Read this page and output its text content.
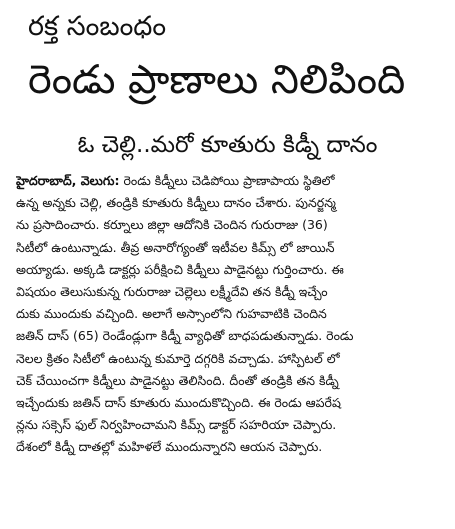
రక్త సంబంధం
రెండు ప్రాణాలు నిలిపింది
ఓ చెల్లి..మరో కూతురు కిడ్నీ దానం
హైదరాబాద్, వెలుగు: రెండు కిడ్నీలు చెడిపోయి ప్రాణాపాయ స్థితిలో
ఉన్న అన్నకు చెల్లి, తండ్రికి కూతురు కిడ్నీలు దానం చేశారు. పునర్జన్మ
ను ప్రసాదించారు. కర్నూలు జిల్లా ఆదోనికి చెందిన గురురాజు (36)
సిటీలో ఉంటున్నాడు. తీవ్ర అనారోగ్యంతో ఇటీవల కిమ్స్ లో జాయిన్
అయ్యాడు. అక్కడి డాక్టర్లు పరీక్షించి కిడ్నీలు పాడైనట్టు గుర్తించారు. ఈ
విషయం తెలుసుకున్న గురురాజు చెల్లెలు లక్ష్మీదేవి తన కిడ్నీ ఇచ్చేం
దుకు ముందుకు వచ్చింది. అలాగే అస్సాంలోని గుహవాటికి చెందిన
జతిన్ దాస్ (65) రెండేండ్లుగా కిడ్నీ వ్యాధితో బాధపడుతున్నాడు. రెండు
నెలల క్రితం సిటీలో ఉంటున్న కుమార్తె దగ్గరికి వచ్చాడు. హాస్పిటల్ లో
చెక్ చేయించగా కిడ్నీలు పాడైనట్టు తెలిసింది. దీంతో తండ్రికి తన కిడ్నీ
ఇచ్చేందుకు జతిన్ దాస్ కూతురు ముందుకొచ్చింది. ఈ రెండు ఆపరేష
న్లను సక్సెస్ ఫుల్ నిర్వహించామని కిమ్స్ డాక్టర్ సహరియా చెప్పారు.
దేశంలో కిడ్నీ దాతల్లో మహిళలే ముందున్నారని ఆయన చెప్పారు.
